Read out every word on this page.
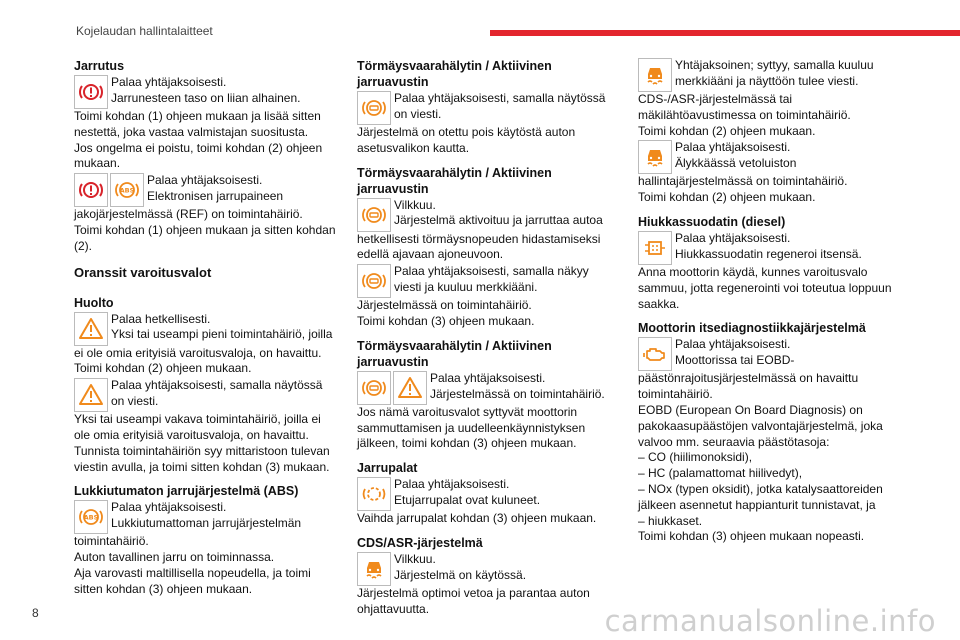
Kojelaudan hallintalaitteet
Jarrutus

Palaa yhtäjaksoisesti.

Jarrunesteen taso on liian alhainen.

Toimi kohdan (1) ohjeen mukaan ja lisää sitten nestettä, joka vastaa valmistajan suositusta.

Jos ongelma ei poistu, toimi kohdan (2) ohjeen mukaan.

ABS

Palaa yhtäjaksoisesti.

Elektronisen jarrupaineen

jakojärjestelmässä (REF) on toimintahäiriö.

Toimi kohdan (1) ohjeen mukaan ja sitten kohdan (2).

Oranssit varoitusvalot
Huolto

Palaa hetkellisesti.

Yksi tai useampi pieni toimintahäiriö, joilla

ei ole omia erityisiä varoitusvaloja, on havaittu.

Toimi kohdan (2) ohjeen mukaan.

Palaa yhtäjaksoisesti, samalla näytössä

on viesti.

Yksi tai useampi vakava toimintahäiriö, joilla ei ole omia erityisiä varoitusvaloja, on havaittu.

Tunnista toimintahäiriön syy mittaristoon tulevan viestin avulla, ja toimi sitten kohdan (3) mukaan.

Lukkiutumaton jarrujärjestelmä (ABS)
ABS

Palaa yhtäjaksoisesti.

Lukkiutumattoman jarrujärjestelmän

toimintahäiriö.

Auton tavallinen jarru on toiminnassa.

Aja varovasti maltillisella nopeudella, ja toimi sitten kohdan (3) ohjeen mukaan.

Törmäysvaarahälytin / Aktiivinen jarruavustin

Palaa yhtäjaksoisesti, samalla näytössä

on viesti.

Järjestelmä on otettu pois käytöstä auton asetusvalikon kautta.

Törmäysvaarahälytin / Aktiivinen jarruavustin

Vilkkuu.

Järjestelmä aktivoituu ja jarruttaa autoa

hetkellisesti törmäysnopeuden hidastamiseksi edellä ajavaan ajoneuvoon.

Palaa yhtäjaksoisesti, samalla näkyy

viesti ja kuuluu merkkiääni.

Järjestelmässä on toimintahäiriö.

Toimi kohdan (3) ohjeen mukaan.

Törmäysvaarahälytin / Aktiivinen jarruavustin

Palaa yhtäjaksoisesti.

Järjestelmässä on toimintahäiriö.

Jos nämä varoitusvalot syttyvät moottorin sammuttamisen ja uudelleenkäynnistyksen jälkeen, toimi kohdan (3) ohjeen mukaan.

Jarrupalat

Palaa yhtäjaksoisesti.

Etujarrupalat ovat kuluneet.

Vaihda jarrupalat kohdan (3) ohjeen mukaan.

CDS/ASR-järjestelmä

Vilkkuu.

Järjestelmä on käytössä.

Järjestelmä optimoi vetoa ja parantaa auton ohjattavuutta.

Yhtäjaksoinen; syttyy, samalla kuuluu

merkkiääni ja näyttöön tulee viesti.

CDS-/ASR-järjestelmässä tai mäkilähtöavustimessa on toimintahäiriö.

Toimi kohdan (2) ohjeen mukaan.

Palaa yhtäjaksoisesti.

Älykkäässä vetoluiston

hallintajärjestelmässä on toimintahäiriö.

Toimi kohdan (2) ohjeen mukaan.

Hiukkassuodatin (diesel)

Palaa yhtäjaksoisesti.

Hiukkassuodatin regeneroi itsensä.

Anna moottorin käydä, kunnes varoitusvalo sammuu, jotta regenerointi voi toteutua loppuun saakka.

Moottorin itsediagnostiikkajärjestelmä

Palaa yhtäjaksoisesti.

Moottorissa tai EOBD-

päästönrajoitusjärjestelmässä on havaittu toimintahäiriö.

EOBD (European On Board Diagnosis) on pakokaasupäästöjen valvontajärjestelmä, joka valvoo mm. seuraavia päästötasoja:

– CO (hiilimonoksidi),

– HC (palamattomat hiilivedyt),

– NOx (typen oksidit), jotka katalysaattoreiden jälkeen asennetut happianturit tunnistavat, ja

– hiukkaset.

Toimi kohdan (3) ohjeen mukaan nopeasti.

8	carmanualsonline.info
